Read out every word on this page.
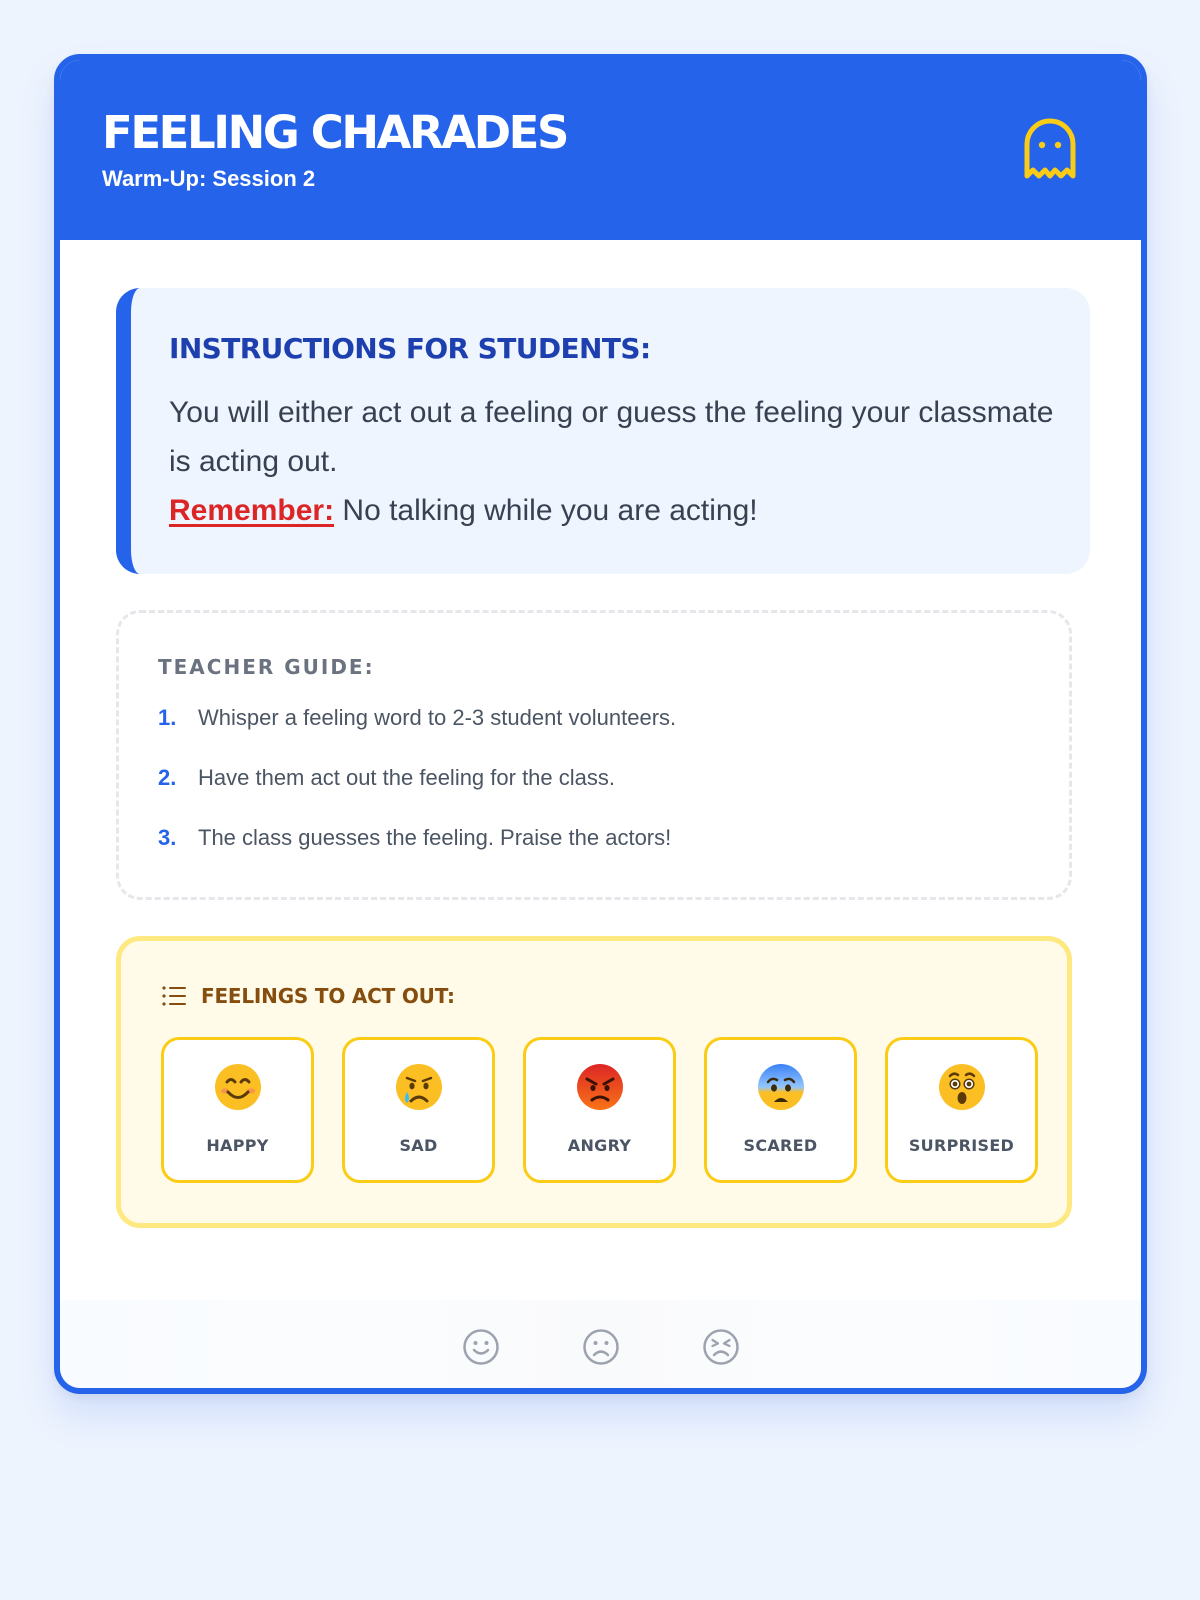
FEELING CHARADES
Warm-Up: Session 2
INSTRUCTIONS FOR STUDENTS:
You will either act out a feeling or guess the feeling your classmate is acting out.
Remember: No talking while you are acting!
TEACHER GUIDE:
1. Whisper a feeling word to 2-3 student volunteers.
2. Have them act out the feeling for the class.
3. The class guesses the feeling. Praise the actors!
FEELINGS TO ACT OUT:
HAPPY	SAD	ANGRY	SCARED	SURPRISED
